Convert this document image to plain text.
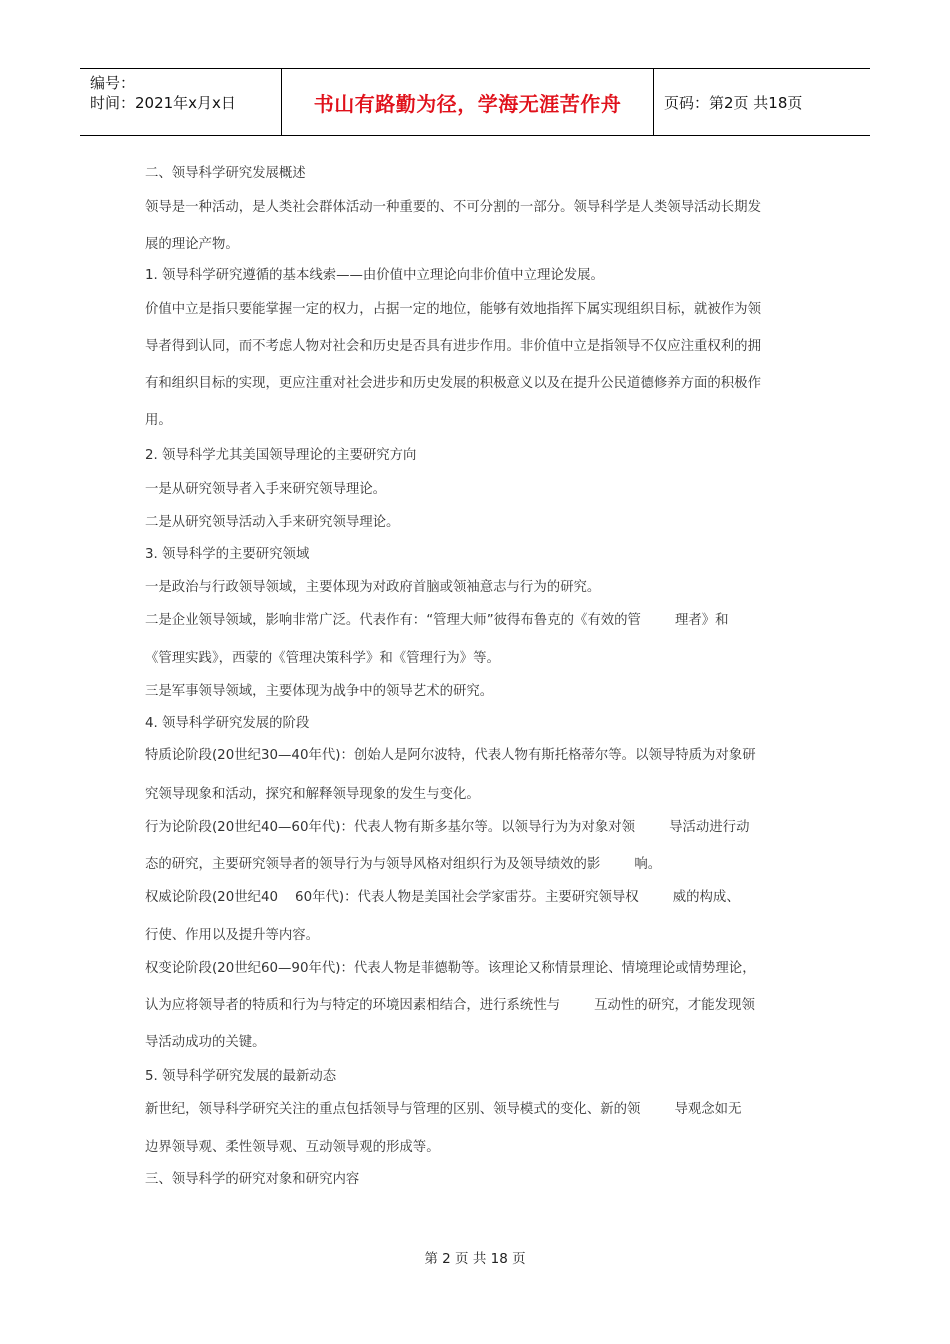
编号：
时间：2021年x月x日	书山有路勤为径，学海无涯苦作舟	页码：第2页 共18页

二、领导科学研究发展概述

领导是一种活动，是人类社会群体活动一种重要的、不可分割的一部分。领导科学是人类领导活动长期发

展的理论产物。

1. 领导科学研究遵循的基本线索——由价值中立理论向非价值中立理论发展。

价值中立是指只要能掌握一定的权力，占据一定的地位，能够有效地指挥下属实现组织目标，就被作为领

导者得到认同，而不考虑人物对社会和历史是否具有进步作用。非价值中立是指领导不仅应注重权利的拥

有和组织目标的实现，更应注重对社会进步和历史发展的积极意义以及在提升公民道德修养方面的积极作

用。

2. 领导科学尤其美国领导理论的主要研究方向

一是从研究领导者入手来研究领导理论。

二是从研究领导活动入手来研究领导理论。

3. 领导科学的主要研究领域

一是政治与行政领导领域，主要体现为对政府首脑或领袖意志与行为的研究。

二是企业领导领域，影响非常广泛。代表作有：“管理大师”彼得布鲁克的《有效的管        理者》和

《管理实践》，西蒙的《管理决策科学》和《管理行为》等。

三是军事领导领域，主要体现为战争中的领导艺术的研究。

4. 领导科学研究发展的阶段

特质论阶段(20世纪30—40年代)：创始人是阿尔波特，代表人物有斯托格蒂尔等。以领导特质为对象研

究领导现象和活动，探究和解释领导现象的发生与变化。

行为论阶段(20世纪40—60年代)：代表人物有斯多基尔等。以领导行为为对象对领        导活动进行动

态的研究，主要研究领导者的领导行为与领导风格对组织行为及领导绩效的影        响。

权威论阶段(20世纪40    60年代)：代表人物是美国社会学家雷芬。主要研究领导权        威的构成、

行使、作用以及提升等内容。

权变论阶段(20世纪60—90年代)：代表人物是菲德勒等。该理论又称情景理论、情境理论或情势理论，

认为应将领导者的特质和行为与特定的环境因素相结合，进行系统性与        互动性的研究，才能发现领

导活动成功的关键。

5. 领导科学研究发展的最新动态

新世纪，领导科学研究关注的重点包括领导与管理的区别、领导模式的变化、新的领        导观念如无

边界领导观、柔性领导观、互动领导观的形成等。

三、领导科学的研究对象和研究内容

第 2 页 共 18 页
